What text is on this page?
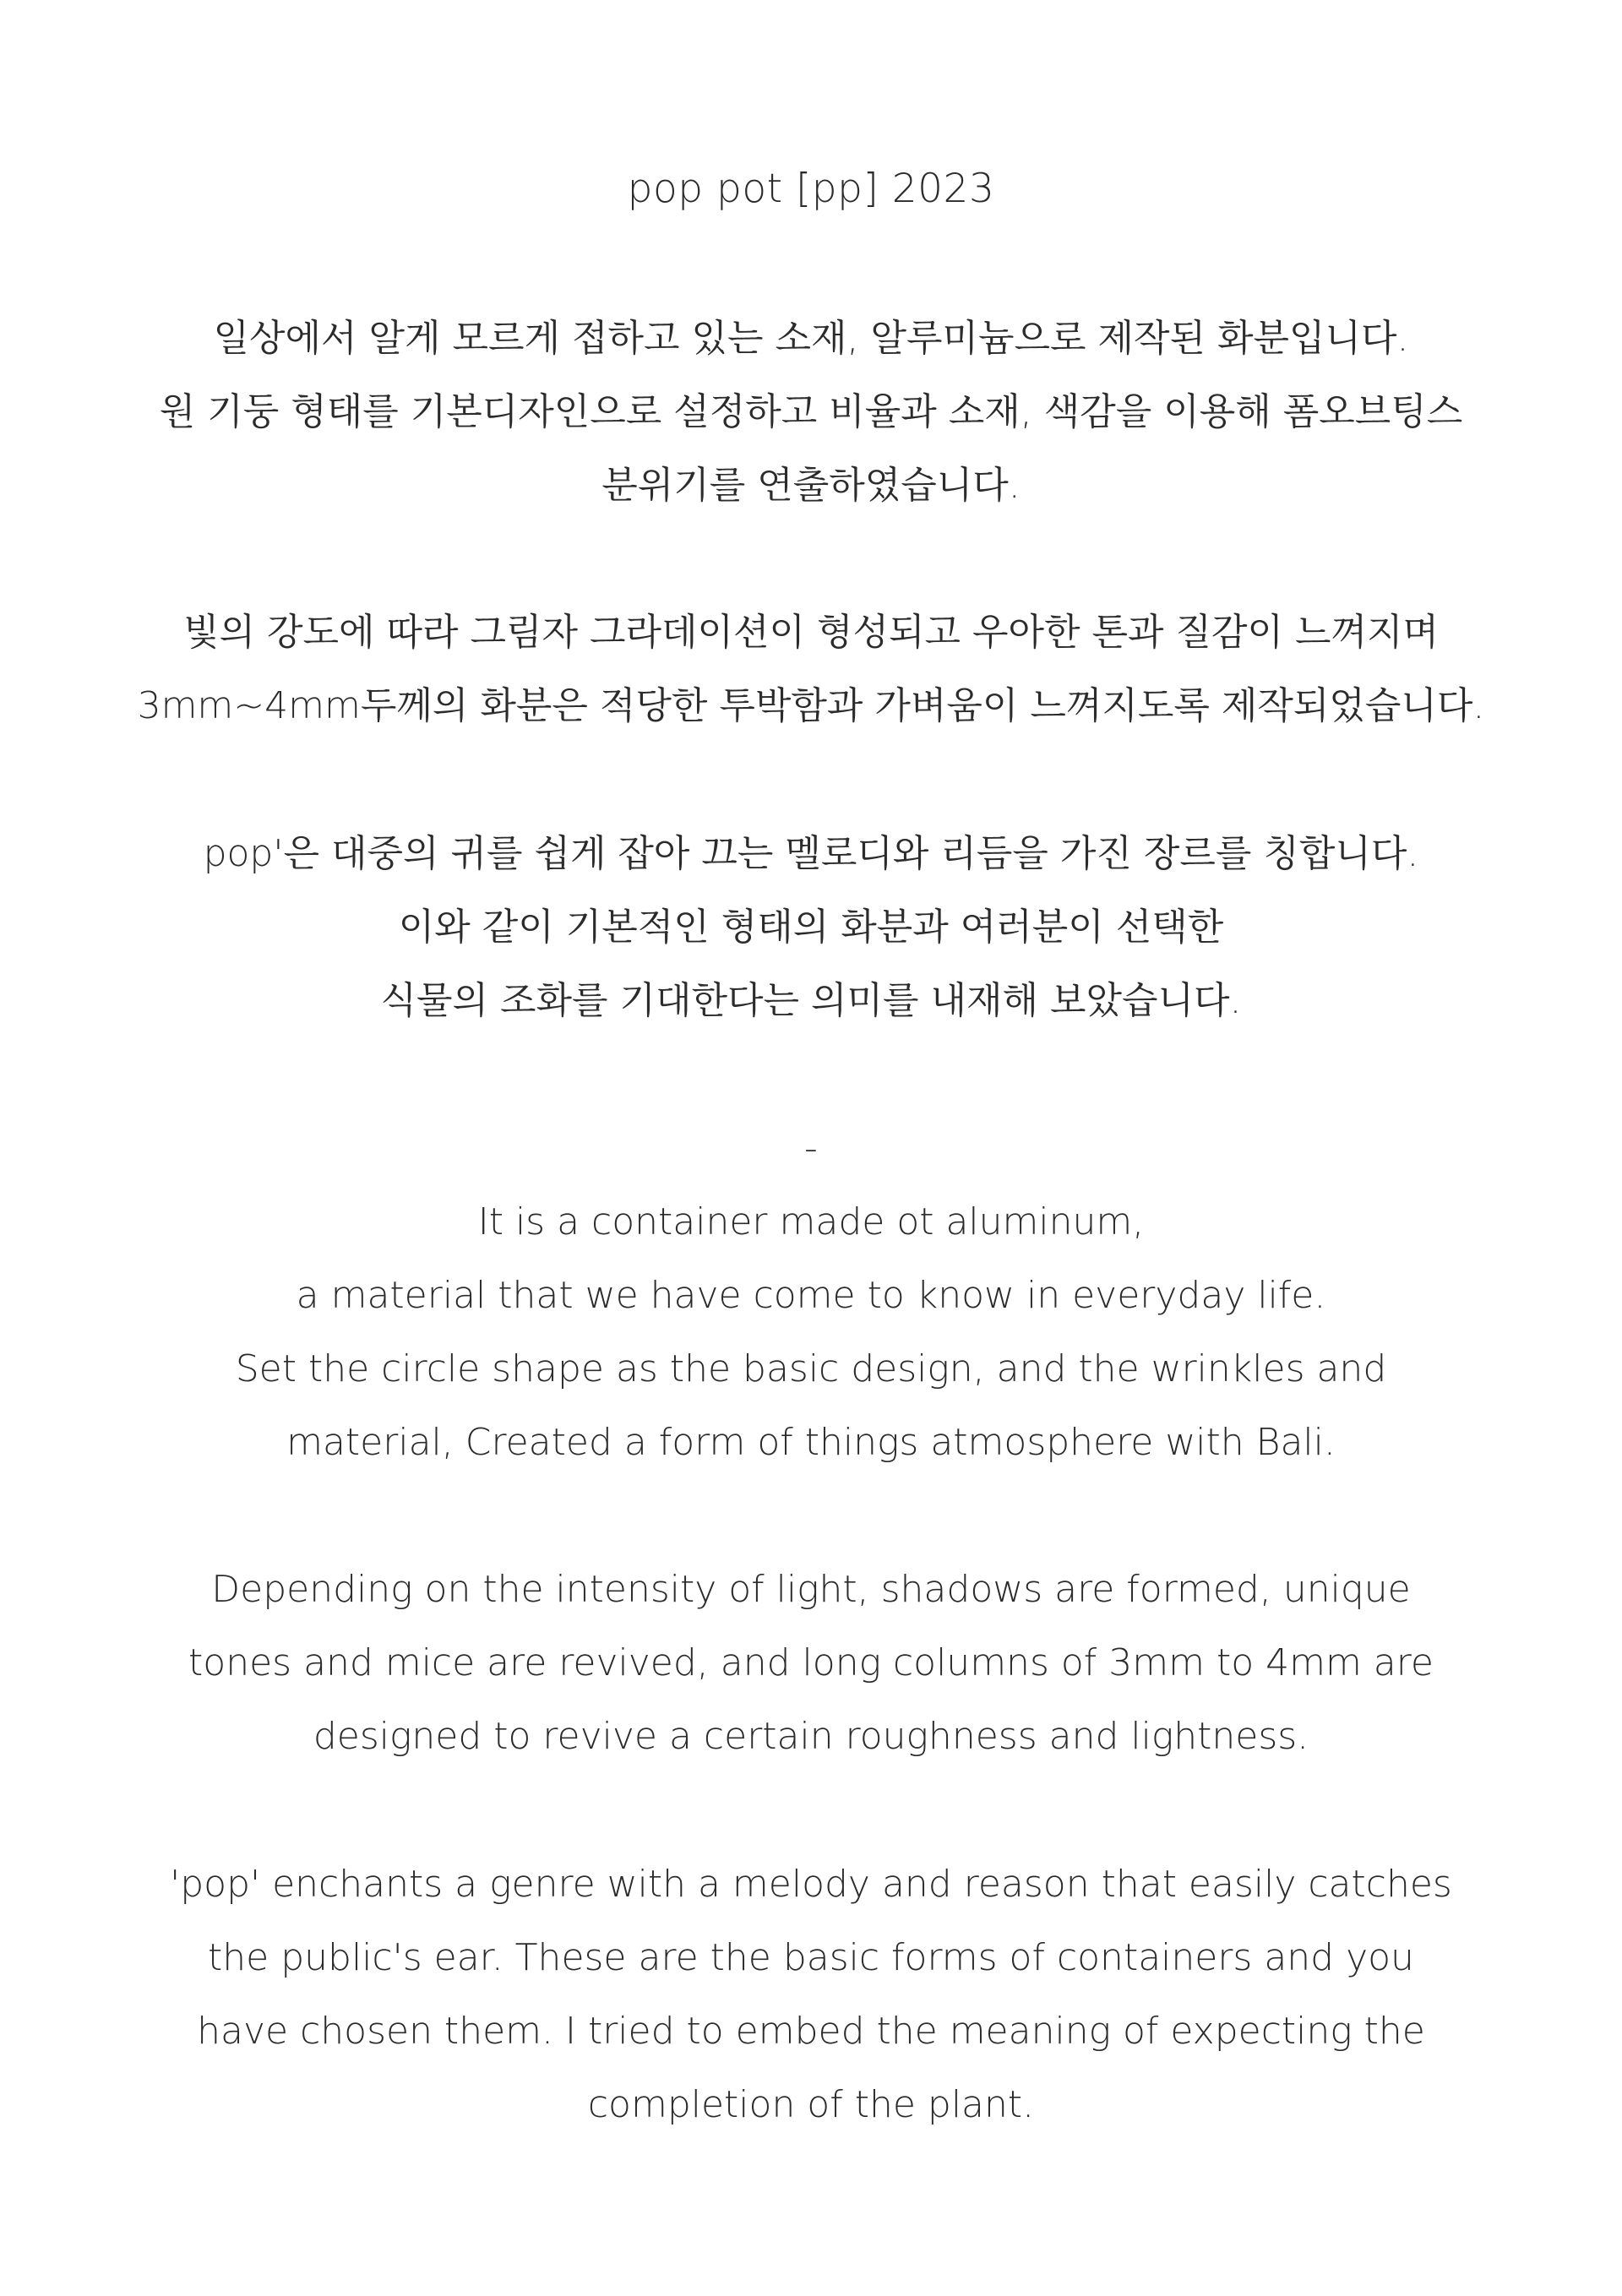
pop pot [pp] 2023
일상에서 알게 모르게 접하고 있는 소재, 알루미늄으로 제작된 화분입니다.
원 기둥 형태를 기본디자인으로 설정하고 비율과 소재, 색감을 이용해 폼오브팅스
분위기를 연출하였습니다.
빛의 강도에 따라 그림자 그라데이션이 형성되고 우아한 톤과 질감이 느껴지며
3mm~4mm두께의 화분은 적당한 투박함과 가벼움이 느껴지도록 제작되었습니다.
pop'은 대중의 귀를 쉽게 잡아 끄는 멜로디와 리듬을 가진 장르를 칭합니다.
이와 같이 기본적인 형태의 화분과 여러분이 선택한
식물의 조화를 기대한다는 의미를 내재해 보았습니다.
-
It is a container made ot aluminum,
a material that we have come to know in everyday life.
Set the circle shape as the basic design, and the wrinkles and
material, Created a form of things atmosphere with Bali.
Depending on the intensity of light, shadows are formed, unique
tones and mice are revived, and long columns of 3mm to 4mm are
designed to revive a certain roughness and lightness.
'pop' enchants a genre with a melody and reason that easily catches
the public's ear. These are the basic forms of containers and you
have chosen them. I tried to embed the meaning of expecting the
completion of the plant.
